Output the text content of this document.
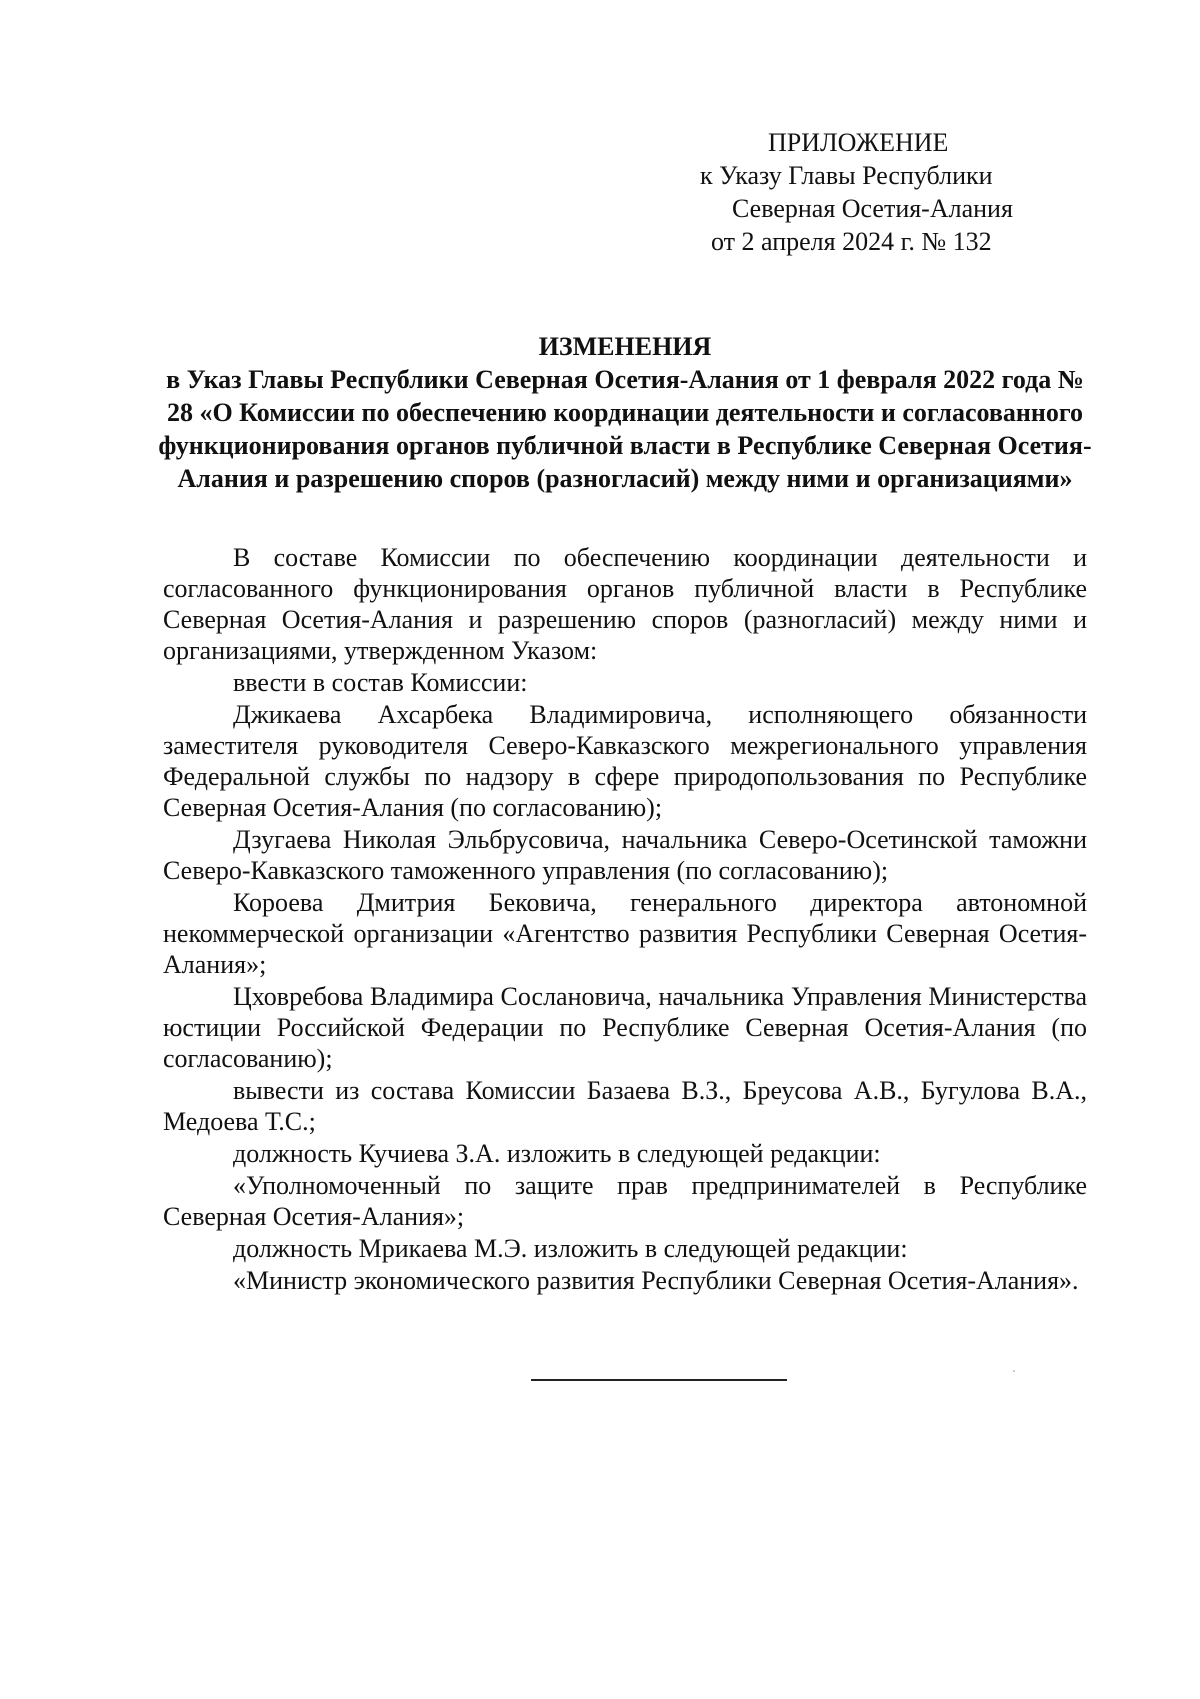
ПРИЛОЖЕНИЕ
к Указу Главы Республики
Северная Осетия-Алания
от 2 апреля 2024 г. № 132
ИЗМЕНЕНИЯ
в Указ Главы Республики Северная Осетия-Алания от 1 февраля 2022 года № 28 «О Комиссии по обеспечению координации деятельности и согласованного функционирования органов публичной власти в Республике Северная Осетия-Алания и разрешению споров (разногласий) между ними и организациями»

В составе Комиссии по обеспечению координации деятельности и согласованного функционирования органов публичной власти в Республике Северная Осетия-Алания и разрешению споров (разногласий) между ними и организациями, утвержденном Указом:

ввести в состав Комиссии:

Джикаева Ахсарбека Владимировича, исполняющего обязанности заместителя руководителя Северо-Кавказского межрегионального управления Федеральной службы по надзору в сфере природопользования по Республике Северная Осетия-Алания (по согласованию);

Дзугаева Николая Эльбрусовича, начальника Северо-Осетинской таможни Северо-Кавказского таможенного управления (по согласованию);

Короева Дмитрия Бековича, генерального директора автономной некоммерческой организации «Агентство развития Республики Северная Осетия-Алания»;

Цховребова Владимира Сослановича, начальника Управления Министерства юстиции Российской Федерации по Республике Северная Осетия-Алания (по согласованию);

вывести из состава Комиссии Базаева В.З., Бреусова А.В., Бугулова В.А., Медоева Т.С.;

должность Кучиева З.А. изложить в следующей редакции:

«Уполномоченный по защите прав предпринимателей в Республике Северная Осетия-Алания»;

должность Мрикаева М.Э. изложить в следующей редакции:

«Министр экономического развития Республики Северная Осетия-Алания».
